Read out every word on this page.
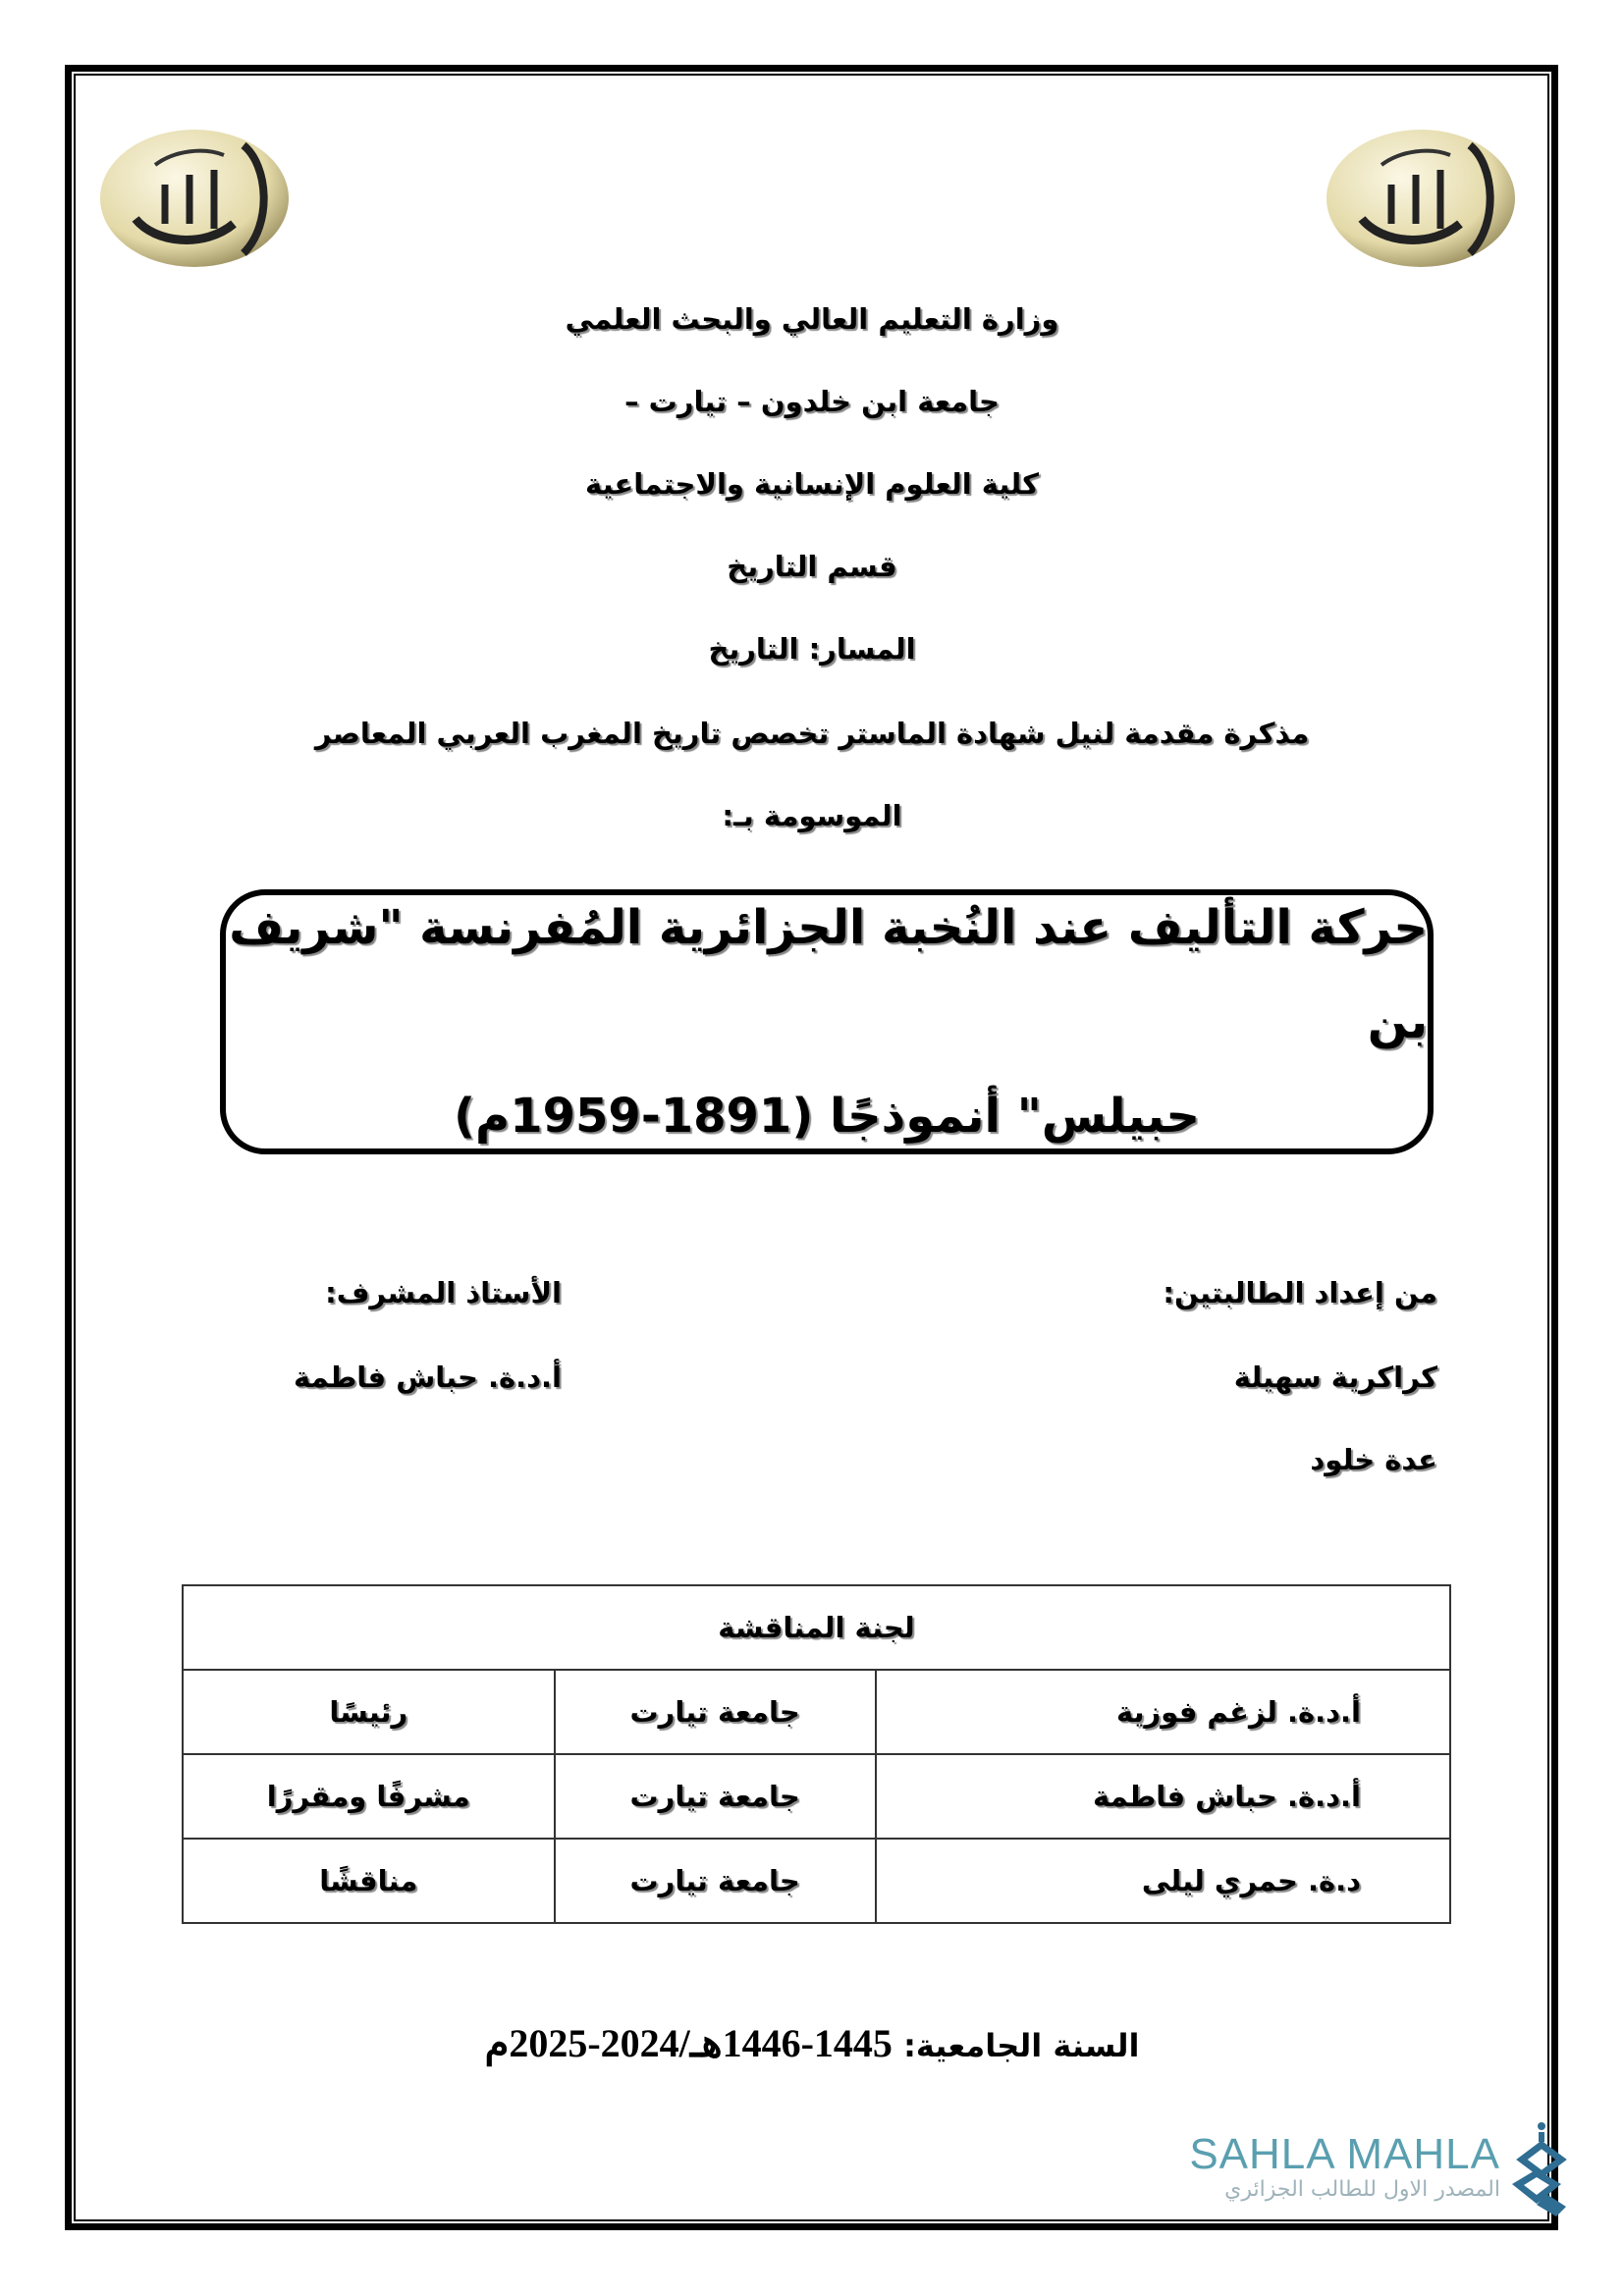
وزارة التعليم العالي والبحث العلمي
جامعة ابن خلدون – تيارت –
كلية العلوم الإنسانية والاجتماعية
قسم التاريخ
المسار: التاريخ
مذكرة مقدمة لنيل شهادة الماستر تخصص تاريخ المغرب العربي المعاصر
الموسومة بـ:
حركة التأليف عند النُخبة الجزائرية المُفرنسة "شريف بن
حبيلس" أنموذجًا (1891-1959م)
من إعداد الطالبتين:
كراكرية سهيلة
عدة خلود
الأستاذ المشرف:
أ.د.ة. حباش فاطمة
لجنة المناقشة		
أ.د.ة. لزغم فوزية	جامعة تيارت	رئيسًا
أ.د.ة. حباش فاطمة	جامعة تيارت	مشرفًا ومقررًا
د.ة. حمري ليلى	جامعة تيارت	مناقشًا
السنة الجامعية: 1445-1446هـ/2024-2025م
SAHLA MAHLA
المصدر الاول للطالب الجزائري
